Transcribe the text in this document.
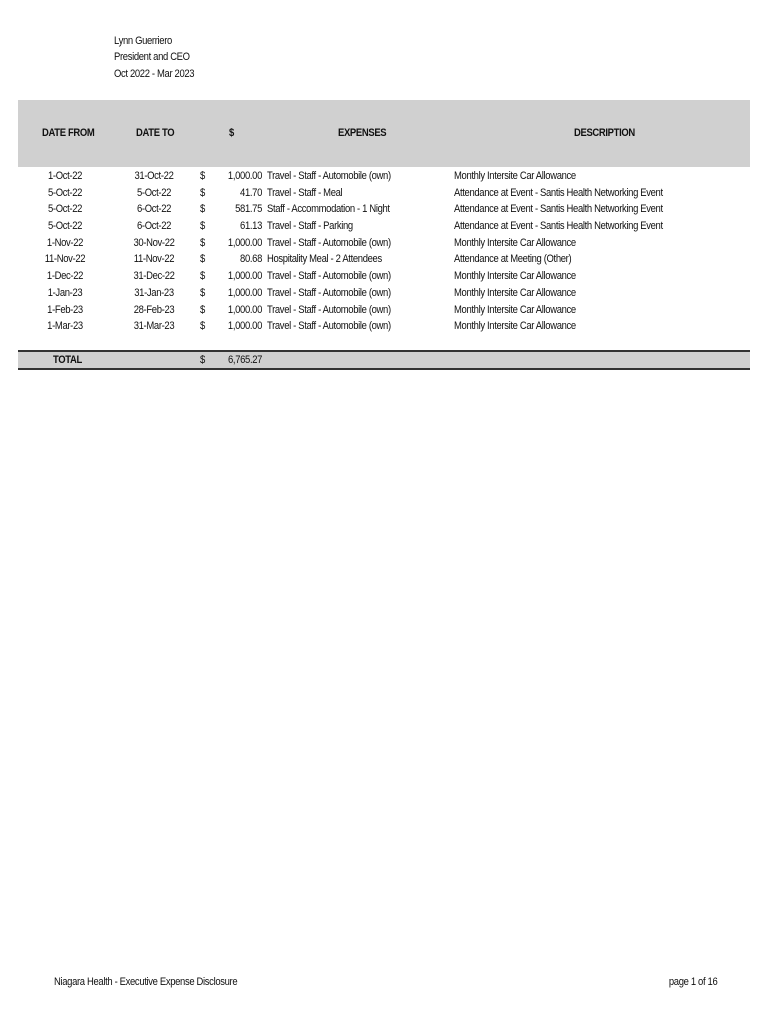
Lynn Guerriero
President and CEO
Oct 2022 - Mar 2023
DATE FROM	DATE TO	$	EXPENSES	DESCRIPTION
1-Oct-22	31-Oct-22	$	1,000.00 Travel - Staff - Automobile (own)	Monthly Intersite Car Allowance
5-Oct-22	5-Oct-22	$	41.70 Travel - Staff - Meal	Attendance at Event - Santis Health Networking Event
5-Oct-22	6-Oct-22	$	581.75 Staff - Accommodation - 1 Night	Attendance at Event - Santis Health Networking Event
5-Oct-22	6-Oct-22	$	61.13 Travel - Staff - Parking	Attendance at Event - Santis Health Networking Event
1-Nov-22	30-Nov-22	$	1,000.00 Travel - Staff - Automobile (own)	Monthly Intersite Car Allowance
11-Nov-22	11-Nov-22	$	80.68 Hospitality Meal - 2 Attendees	Attendance at Meeting (Other)
1-Dec-22	31-Dec-22	$	1,000.00 Travel - Staff - Automobile (own)	Monthly Intersite Car Allowance
1-Jan-23	31-Jan-23	$	1,000.00 Travel - Staff - Automobile (own)	Monthly Intersite Car Allowance
1-Feb-23	28-Feb-23	$	1,000.00 Travel - Staff - Automobile (own)	Monthly Intersite Car Allowance
1-Mar-23	31-Mar-23	$	1,000.00 Travel - Staff - Automobile (own)	Monthly Intersite Car Allowance
TOTAL	$ 6,765.27
Niagara Health - Executive Expense Disclosure	page 1 of 16
